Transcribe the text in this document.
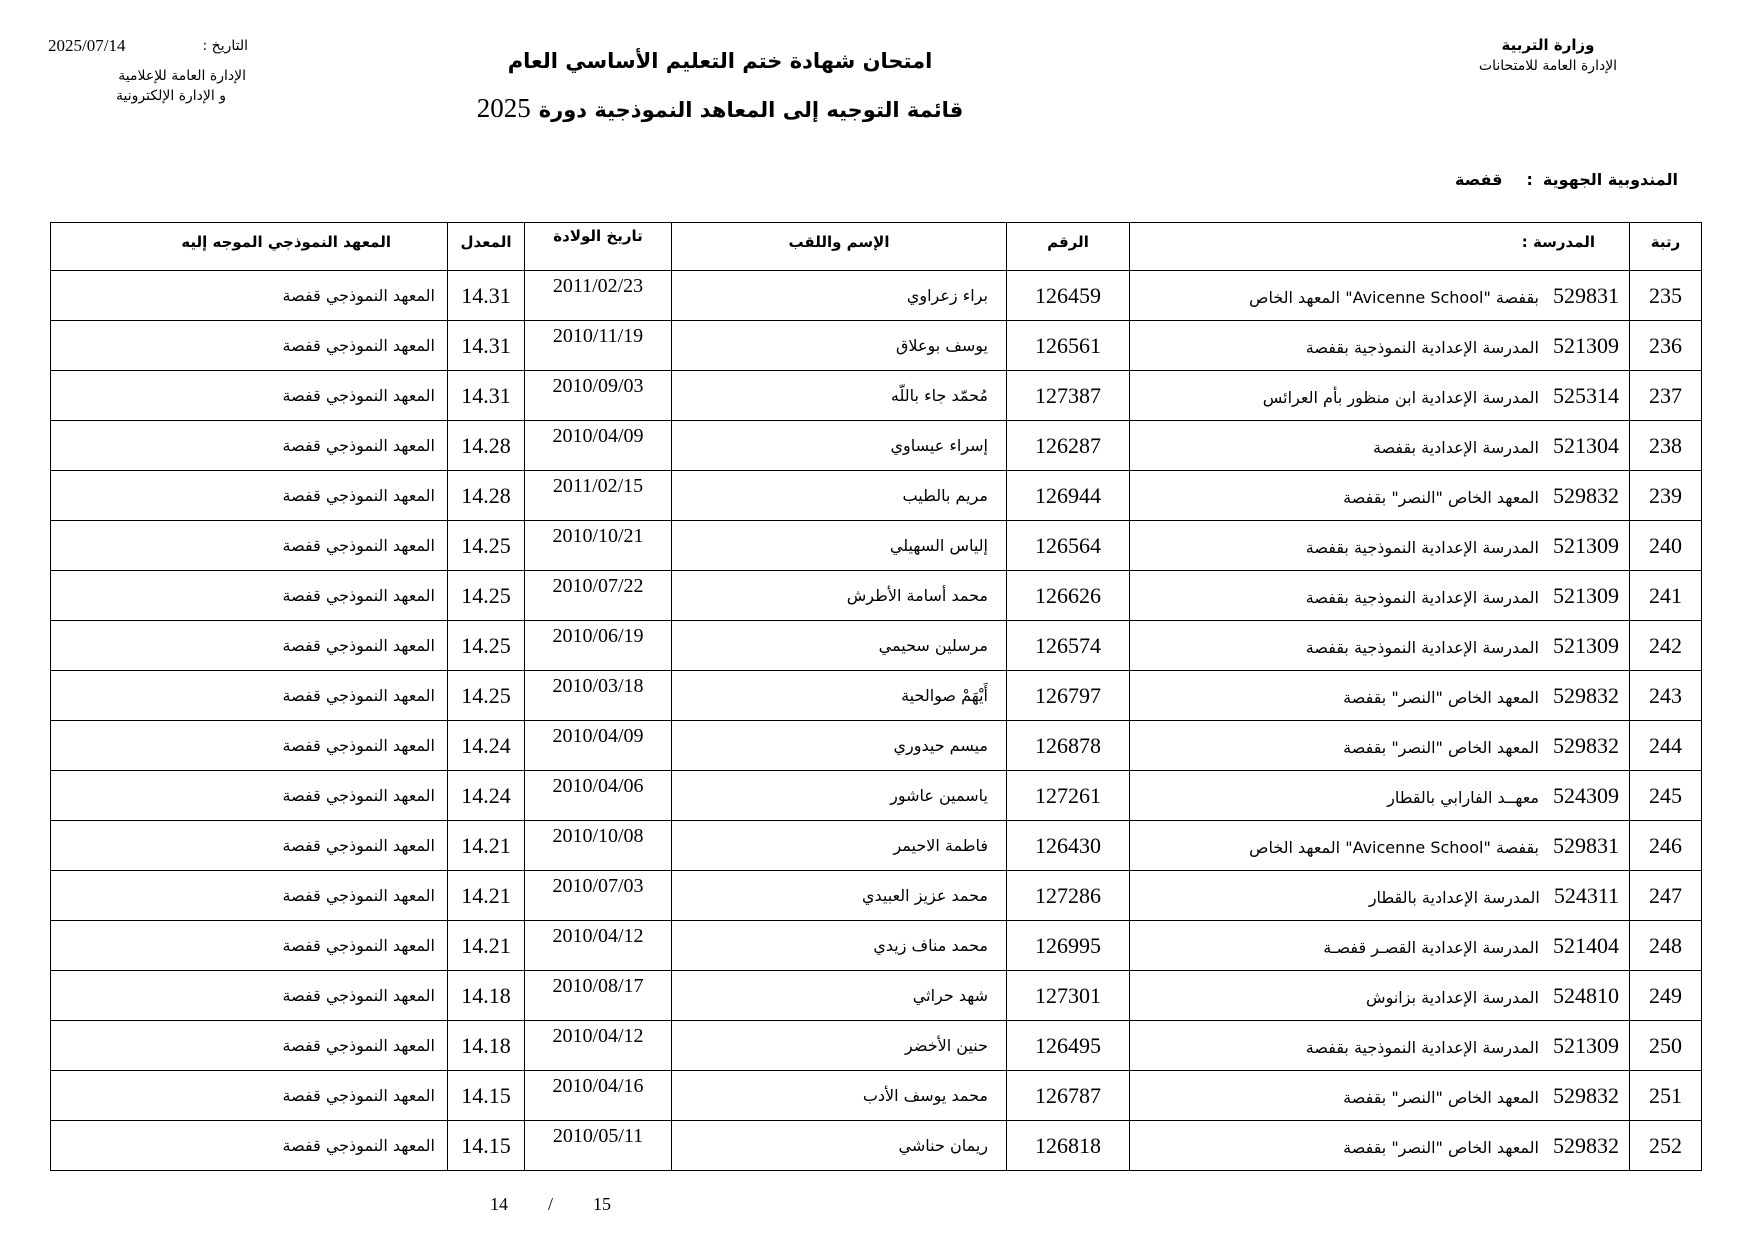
وزارة التربية
الإدارة العامة للامتحانات
امتحان شهادة ختم التعليم الأساسي العام
قائمة التوجيه إلى المعاهد النموذجية دورة2025
التاريخ :
2025/07/14
الإدارة العامة للإعلامية
و الإدارة الإلكترونية
المندوبية الجهوية:قفصة
رتبة	المدرسة :	الرقم	الإسم واللقب	تاريخ الولادة	المعدل	المعهد النموذجي الموجه إليه
235	529831بقفصة "Avicenne School" المعهد الخاص	126459	براء زعراوي	2011/02/23	14.31	المعهد النموذجي قفصة
236	521309المدرسة الإعدادية النموذجية بقفصة	126561	يوسف بوعلاق	2010/11/19	14.31	المعهد النموذجي قفصة
237	525314المدرسة الإعدادية ابن منظور بأم العرائس	127387	مُحمّد جاء باللّه	2010/09/03	14.31	المعهد النموذجي قفصة
238	521304المدرسة الإعدادية بقفصة	126287	إسراء عيساوي	2010/04/09	14.28	المعهد النموذجي قفصة
239	529832المعهد الخاص "النصر" بقفصة	126944	مريم بالطيب	2011/02/15	14.28	المعهد النموذجي قفصة
240	521309المدرسة الإعدادية النموذجية بقفصة	126564	إلياس السهيلي	2010/10/21	14.25	المعهد النموذجي قفصة
241	521309المدرسة الإعدادية النموذجية بقفصة	126626	محمد أسامة الأطرش	2010/07/22	14.25	المعهد النموذجي قفصة
242	521309المدرسة الإعدادية النموذجية بقفصة	126574	مرسلين سحيمي	2010/06/19	14.25	المعهد النموذجي قفصة
243	529832المعهد الخاص "النصر" بقفصة	126797	أَيْهَمْ صوالحية	2010/03/18	14.25	المعهد النموذجي قفصة
244	529832المعهد الخاص "النصر" بقفصة	126878	ميسم حيدوري	2010/04/09	14.24	المعهد النموذجي قفصة
245	524309معهــد الفارابي بالقطار	127261	ياسمين عاشور	2010/04/06	14.24	المعهد النموذجي قفصة
246	529831بقفصة "Avicenne School" المعهد الخاص	126430	فاطمة الاحيمر	2010/10/08	14.21	المعهد النموذجي قفصة
247	524311المدرسة الإعدادية بالقطار	127286	محمد عزيز العبيدي	2010/07/03	14.21	المعهد النموذجي قفصة
248	521404المدرسة الإعدادية القصـر قفصـة	126995	محمد مناف زيدي	2010/04/12	14.21	المعهد النموذجي قفصة
249	524810المدرسة الإعدادية بزانوش	127301	شهد حراثي	2010/08/17	14.18	المعهد النموذجي قفصة
250	521309المدرسة الإعدادية النموذجية بقفصة	126495	حنين الأخضر	2010/04/12	14.18	المعهد النموذجي قفصة
251	529832المعهد الخاص "النصر" بقفصة	126787	محمد يوسف الأدب	2010/04/16	14.15	المعهد النموذجي قفصة
252	529832المعهد الخاص "النصر" بقفصة	126818	ريمان حناشي	2010/05/11	14.15	المعهد النموذجي قفصة
14	/	15
